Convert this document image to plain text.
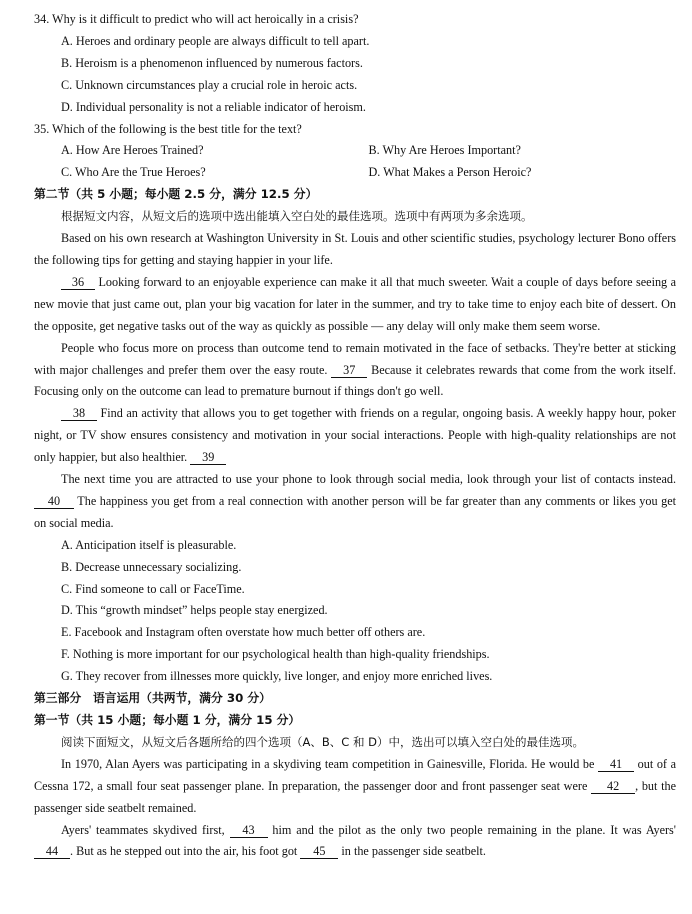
34. Why is it difficult to predict who will act heroically in a crisis?
A. Heroes and ordinary people are always difficult to tell apart.
B. Heroism is a phenomenon influenced by numerous factors.
C. Unknown circumstances play a crucial role in heroic acts.
D. Individual personality is not a reliable indicator of heroism.
35. Which of the following is the best title for the text?
A. How Are Heroes Trained?	B. Why Are Heroes Important?
C. Who Are the True Heroes?	D. What Makes a Person Heroic?
第二节（共 5 小题；每小题 2.5 分，满分 12.5 分）
根据短文内容，从短文后的选项中选出能填入空白处的最佳选项。选项中有两项为多余选项。
Based on his own research at Washington University in St. Louis and other scientific studies, psychology lecturer Bono offers the following tips for getting and staying happier in your life.
36 Looking forward to an enjoyable experience can make it all that much sweeter. Wait a couple of days before seeing a new movie that just came out, plan your big vacation for later in the summer, and try to take time to enjoy each bite of dessert. On the opposite, get negative tasks out of the way as quickly as possible — any delay will only make them seem worse.
People who focus more on process than outcome tend to remain motivated in the face of setbacks. They're better at sticking with major challenges and prefer them over the easy route. 37 Because it celebrates rewards that come from the work itself. Focusing only on the outcome can lead to premature burnout if things don't go well.
38 Find an activity that allows you to get together with friends on a regular, ongoing basis. A weekly happy hour, poker night, or TV show ensures consistency and motivation in your social interactions. People with high-quality relationships are not only happier, but also healthier. 39
The next time you are attracted to use your phone to look through social media, look through your list of contacts instead. 40 The happiness you get from a real connection with another person will be far greater than any comments or likes you get on social media.
A. Anticipation itself is pleasurable.
B. Decrease unnecessary socializing.
C. Find someone to call or FaceTime.
D. This “growth mindset” helps people stay energized.
E. Facebook and Instagram often overstate how much better off others are.
F. Nothing is more important for our psychological health than high-quality friendships.
G. They recover from illnesses more quickly, live longer, and enjoy more enriched lives.
第三部分　语言运用（共两节，满分 30 分）
第一节（共 15 小题；每小题 1 分，满分 15 分）
阅读下面短文，从短文后各题所给的四个选项（A、B、C 和 D）中，选出可以填入空白处的最佳选项。
In 1970, Alan Ayers was participating in a skydiving team competition in Gainesville, Florida. He would be 41 out of a Cessna 172, a small four seat passenger plane. In preparation, the passenger door and front passenger seat were 42 , but the passenger side seatbelt remained.
Ayers' teammates skydived first, 43 him and the pilot as the only two people remaining in the plane. It was Ayers' 44 . But as he stepped out into the air, his foot got 45 in the passenger side seatbelt.
